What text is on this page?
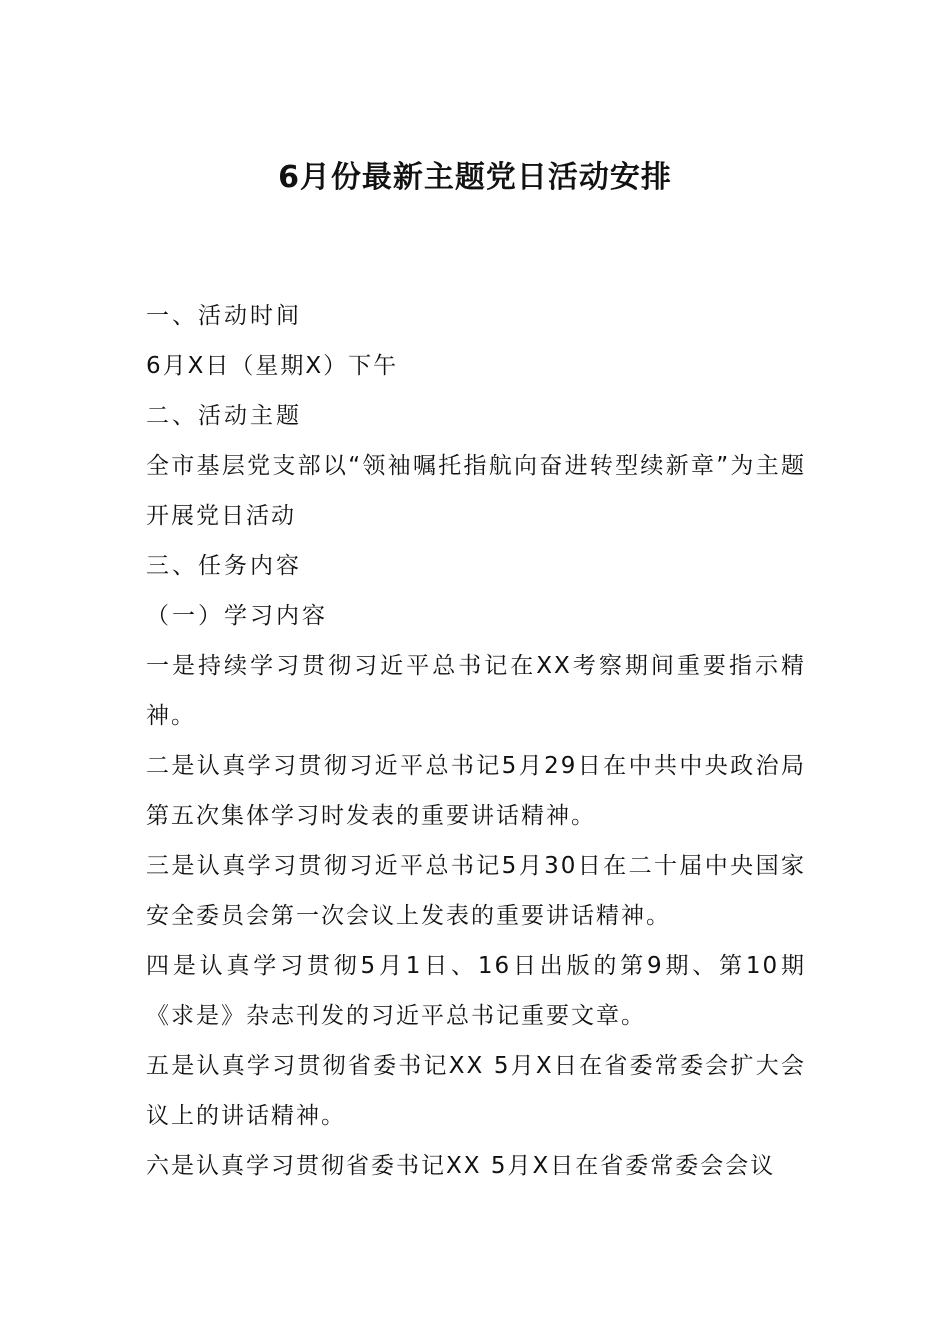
6月份最新主题党日活动安排

一、活动时间

6月X日（星期X）下午

二、活动主题

全市基层党支部以“领袖嘱托指航向奋进转型续新章”为主题开展党日活动

三、任务内容

（一）学习内容

一是持续学习贯彻习近平总书记在XX考察期间重要指示精神。

二是认真学习贯彻习近平总书记5月29日在中共中央政治局第五次集体学习时发表的重要讲话精神。

三是认真学习贯彻习近平总书记5月30日在二十届中央国家安全委员会第一次会议上发表的重要讲话精神。

四是认真学习贯彻5月1日、16日出版的第9期、第10期《求是》杂志刊发的习近平总书记重要文章。

五是认真学习贯彻省委书记XX 5月X日在省委常委会扩大会议上的讲话精神。

六是认真学习贯彻省委书记XX 5月X日在省委常委会会议
